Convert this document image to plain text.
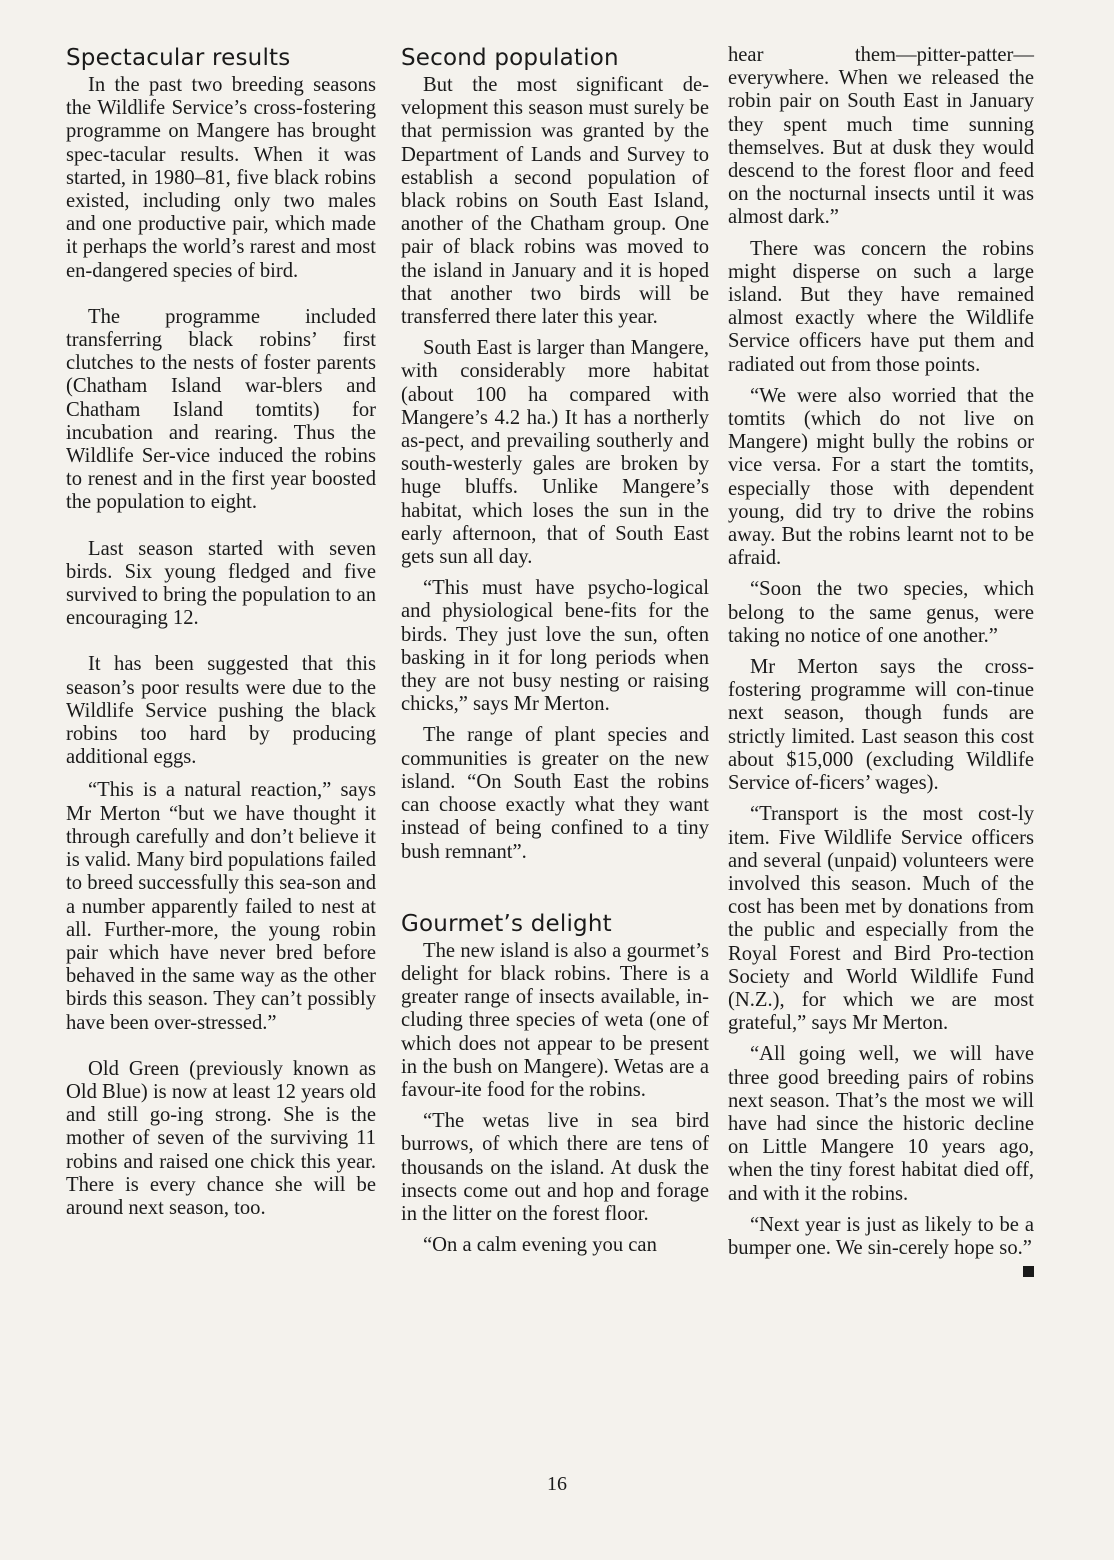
Spectacular results

In the past two breeding seasons the Wildlife Service’s cross-fostering programme on Mangere has brought spec-tacular results. When it was started, in 1980–81, five black robins existed, including only two males and one productive pair, which made it perhaps the world’s rarest and most en-dangered species of bird.

The programme included transferring black robins’ first clutches to the nests of foster parents (Chatham Island war-blers and Chatham Island tomtits) for incubation and rearing. Thus the Wildlife Ser-vice induced the robins to renest and in the first year boosted the population to eight.

Last season started with seven birds. Six young fledged and five survived to bring the population to an encouraging 12.

It has been suggested that this season’s poor results were due to the Wildlife Service pushing the black robins too hard by producing additional eggs.

“This is a natural reaction,” says Mr Merton “but we have thought it through carefully and don’t believe it is valid. Many bird populations failed to breed successfully this sea-son and a number apparently failed to nest at all. Further-more, the young robin pair which have never bred before behaved in the same way as the other birds this season. They can’t possibly have been over-stressed.”

Old Green (previously known as Old Blue) is now at least 12 years old and still go-ing strong. She is the mother of seven of the surviving 11 robins and raised one chick this year. There is every chance she will be around next season, too.

Second population

But the most significant de-velopment this season must surely be that permission was granted by the Department of Lands and Survey to establish a second population of black robins on South East Island, another of the Chatham group. One pair of black robins was moved to the island in January and it is hoped that another two birds will be transferred there later this year.

South East is larger than Mangere, with considerably more habitat (about 100 ha compared with Mangere’s 4.2 ha.) It has a northerly as-pect, and prevailing southerly and south-westerly gales are broken by huge bluffs. Unlike Mangere’s habitat, which loses the sun in the early afternoon, that of South East gets sun all day.

“This must have psycho-logical and physiological bene-fits for the birds. They just love the sun, often basking in it for long periods when they are not busy nesting or raising chicks,” says Mr Merton.

The range of plant species and communities is greater on the new island. “On South East the robins can choose exactly what they want instead of being confined to a tiny bush remnant”.

Gourmet’s delight

The new island is also a gourmet’s delight for black robins. There is a greater range of insects available, in-cluding three species of weta (one of which does not appear to be present in the bush on Mangere). Wetas are a favour-ite food for the robins.

“The wetas live in sea bird burrows, of which there are tens of thousands on the island. At dusk the insects come out and hop and forage in the litter on the forest floor.

“On a calm evening you can

hear them—pitter-patter—everywhere. When we released the robin pair on South East in January they spent much time sunning themselves. But at dusk they would descend to the forest floor and feed on the nocturnal insects until it was almost dark.”

There was concern the robins might disperse on such a large island. But they have remained almost exactly where the Wildlife Service officers have put them and radiated out from those points.

“We were also worried that the tomtits (which do not live on Mangere) might bully the robins or vice versa. For a start the tomtits, especially those with dependent young, did try to drive the robins away. But the robins learnt not to be afraid.

“Soon the two species, which belong to the same genus, were taking no notice of one another.”

Mr Merton says the cross-fostering programme will con-tinue next season, though funds are strictly limited. Last season this cost about $15,000 (excluding Wildlife Service of-ficers’ wages).

“Transport is the most cost-ly item. Five Wildlife Service officers and several (unpaid) volunteers were involved this season. Much of the cost has been met by donations from the public and especially from the Royal Forest and Bird Pro-tection Society and World Wildlife Fund (N.Z.), for which we are most grateful,” says Mr Merton.

“All going well, we will have three good breeding pairs of robins next season. That’s the most we will have had since the historic decline on Little Mangere 10 years ago, when the tiny forest habitat died off, and with it the robins.

“Next year is just as likely to be a bumper one. We sin-cerely hope so.”

16
